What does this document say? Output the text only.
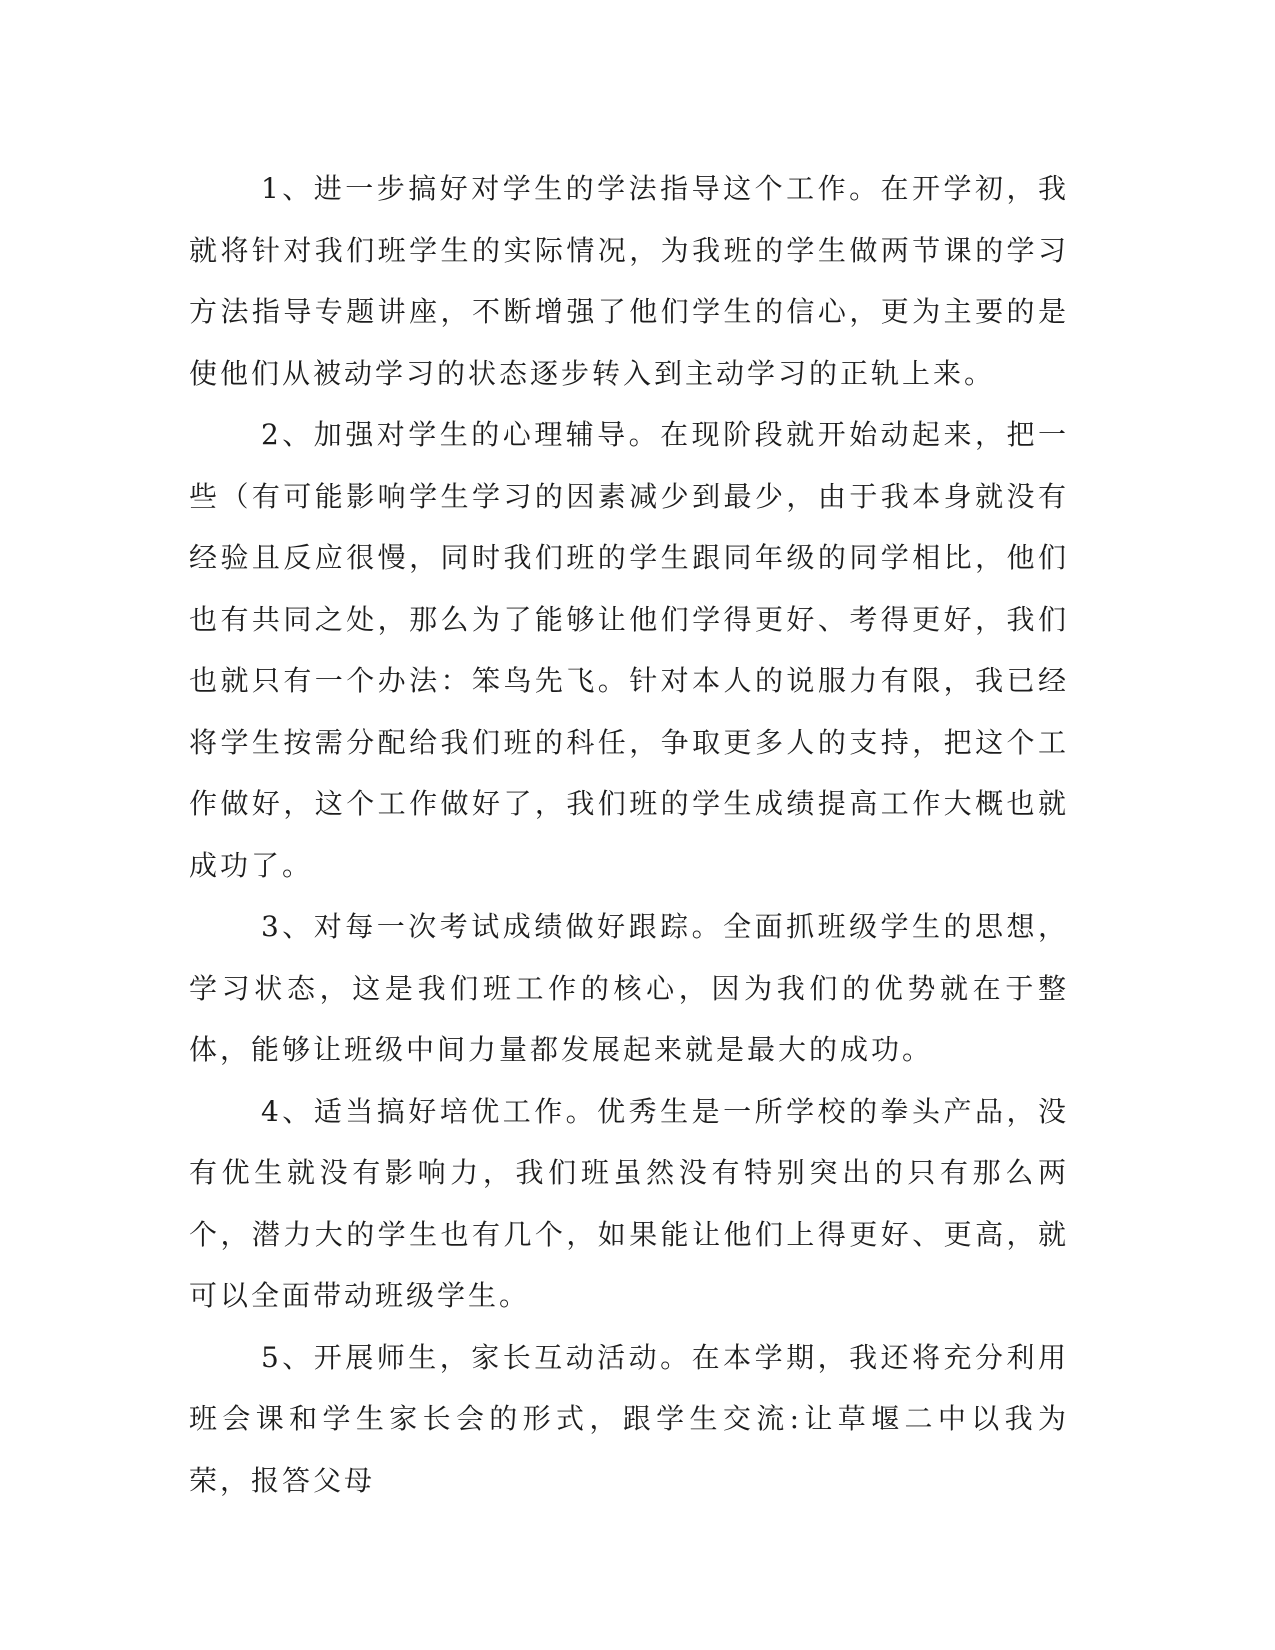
1、进一步搞好对学生的学法指导这个工作。在开学初，我就将针对我们班学生的实际情况，为我班的学生做两节课的学习方法指导专题讲座，不断增强了他们学生的信心，更为主要的是使他们从被动学习的状态逐步转入到主动学习的正轨上来。

2、加强对学生的心理辅导。在现阶段就开始动起来，把一些（有可能影响学生学习的因素减少到最少，由于我本身就没有经验且反应很慢，同时我们班的学生跟同年级的同学相比，他们也有共同之处，那么为了能够让他们学得更好、考得更好，我们也就只有一个办法：笨鸟先飞。针对本人的说服力有限，我已经将学生按需分配给我们班的科任，争取更多人的支持，把这个工作做好，这个工作做好了，我们班的学生成绩提高工作大概也就成功了。

3、对每一次考试成绩做好跟踪。全面抓班级学生的思想，学习状态，这是我们班工作的核心，因为我们的优势就在于整体，能够让班级中间力量都发展起来就是最大的成功。

4、适当搞好培优工作。优秀生是一所学校的拳头产品，没有优生就没有影响力，我们班虽然没有特别突出的只有那么两个，潜力大的学生也有几个，如果能让他们上得更好、更高，就可以全面带动班级学生。

5、开展师生，家长互动活动。在本学期，我还将充分利用班会课和学生家长会的形式，跟学生交流:让草堰二中以我为荣，报答父母
